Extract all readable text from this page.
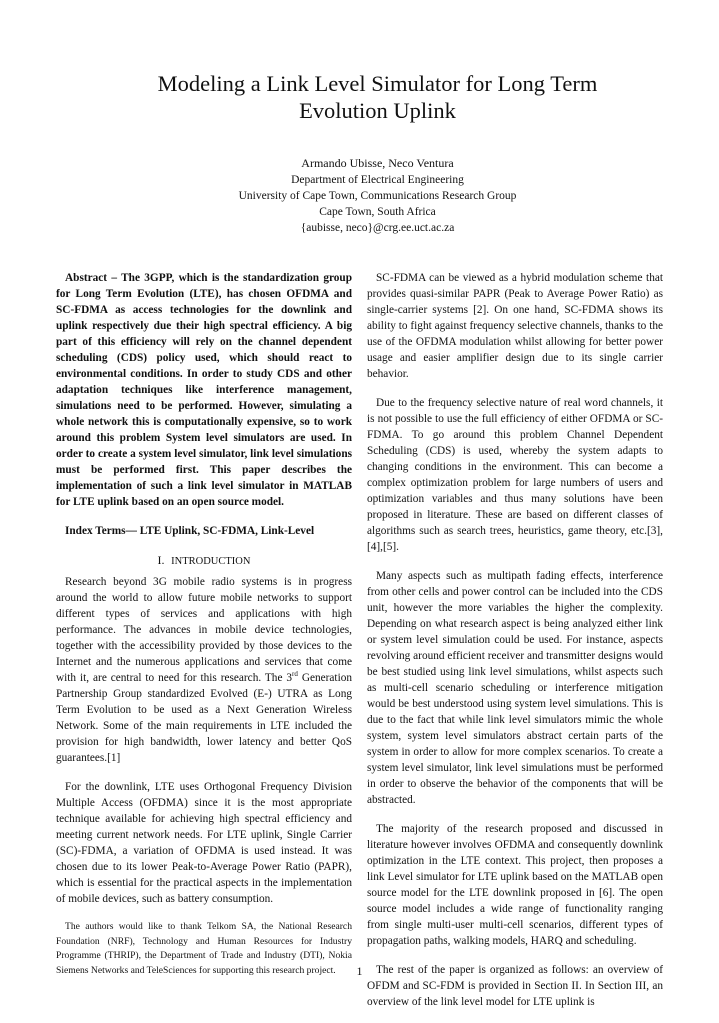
Modeling a Link Level Simulator for Long Term Evolution Uplink
Armando Ubisse, Neco Ventura
Department of Electrical Engineering
University of Cape Town, Communications Research Group
Cape Town, South Africa
{aubisse, neco}@crg.ee.uct.ac.za

Abstract – The 3GPP, which is the standardization group for Long Term Evolution (LTE), has chosen OFDMA and SC-FDMA as access technologies for the downlink and uplink respectively due their high spectral efficiency. A big part of this efficiency will rely on the channel dependent scheduling (CDS) policy used, which should react to environmental conditions. In order to study CDS and other adaptation techniques like interference management, simulations need to be performed. However, simulating a whole network this is computationally expensive, so to work around this problem System level simulators are used. In order to create a system level simulator, link level simulations must be performed first. This paper describes the implementation of such a link level simulator in MATLAB for LTE uplink based on an open source model.

Index Terms— LTE Uplink, SC-FDMA, Link-Level

I. INTRODUCTION

Research beyond 3G mobile radio systems is in progress around the world to allow future mobile networks to support different types of services and applications with high performance. The advances in mobile device technologies, together with the accessibility provided by those devices to the Internet and the numerous applications and services that come with it, are central to need for this research. The 3rd Generation Partnership Group standardized Evolved (E-) UTRA as Long Term Evolution to be used as a Next Generation Wireless Network. Some of the main requirements in LTE included the provision for high bandwidth, lower latency and better QoS guarantees.[1]

For the downlink, LTE uses Orthogonal Frequency Division Multiple Access (OFDMA) since it is the most appropriate technique available for achieving high spectral efficiency and meeting current network needs. For LTE uplink, Single Carrier (SC)-FDMA, a variation of OFDMA is used instead. It was chosen due to its lower Peak-to-Average Power Ratio (PAPR), which is essential for the practical aspects in the implementation of mobile devices, such as battery consumption.

The authors would like to thank Telkom SA, the National Research Foundation (NRF), Technology and Human Resources for Industry Programme (THRIP), the Department of Trade and Industry (DTI), Nokia Siemens Networks and TeleSciences for supporting this research project.

SC-FDMA can be viewed as a hybrid modulation scheme that provides quasi-similar PAPR (Peak to Average Power Ratio) as single-carrier systems [2]. On one hand, SC-FDMA shows its ability to fight against frequency selective channels, thanks to the use of the OFDMA modulation whilst allowing for better power usage and easier amplifier design due to its single carrier behavior.

Due to the frequency selective nature of real word channels, it is not possible to use the full efficiency of either OFDMA or SC-FDMA. To go around this problem Channel Dependent Scheduling (CDS) is used, whereby the system adapts to changing conditions in the environment. This can become a complex optimization problem for large numbers of users and optimization variables and thus many solutions have been proposed in literature. These are based on different classes of algorithms such as search trees, heuristics, game theory, etc.[3],[4],[5].

Many aspects such as multipath fading effects, interference from other cells and power control can be included into the CDS unit, however the more variables the higher the complexity. Depending on what research aspect is being analyzed either link or system level simulation could be used. For instance, aspects revolving around efficient receiver and transmitter designs would be best studied using link level simulations, whilst aspects such as multi-cell scenario scheduling or interference mitigation would be best understood using system level simulations. This is due to the fact that while link level simulators mimic the whole system, system level simulators abstract certain parts of the system in order to allow for more complex scenarios. To create a system level simulator, link level simulations must be performed in order to observe the behavior of the components that will be abstracted.

The majority of the research proposed and discussed in literature however involves OFDMA and consequently downlink optimization in the LTE context. This project, then proposes a link Level simulator for LTE uplink based on the MATLAB open source model for the LTE downlink proposed in [6]. The open source model includes a wide range of functionality ranging from single multi-user multi-cell scenarios, different types of propagation paths, walking models, HARQ and scheduling.

The rest of the paper is organized as follows: an overview of OFDM and SC-FDM is provided in Section II. In Section III, an overview of the link level model for LTE uplink is

1
